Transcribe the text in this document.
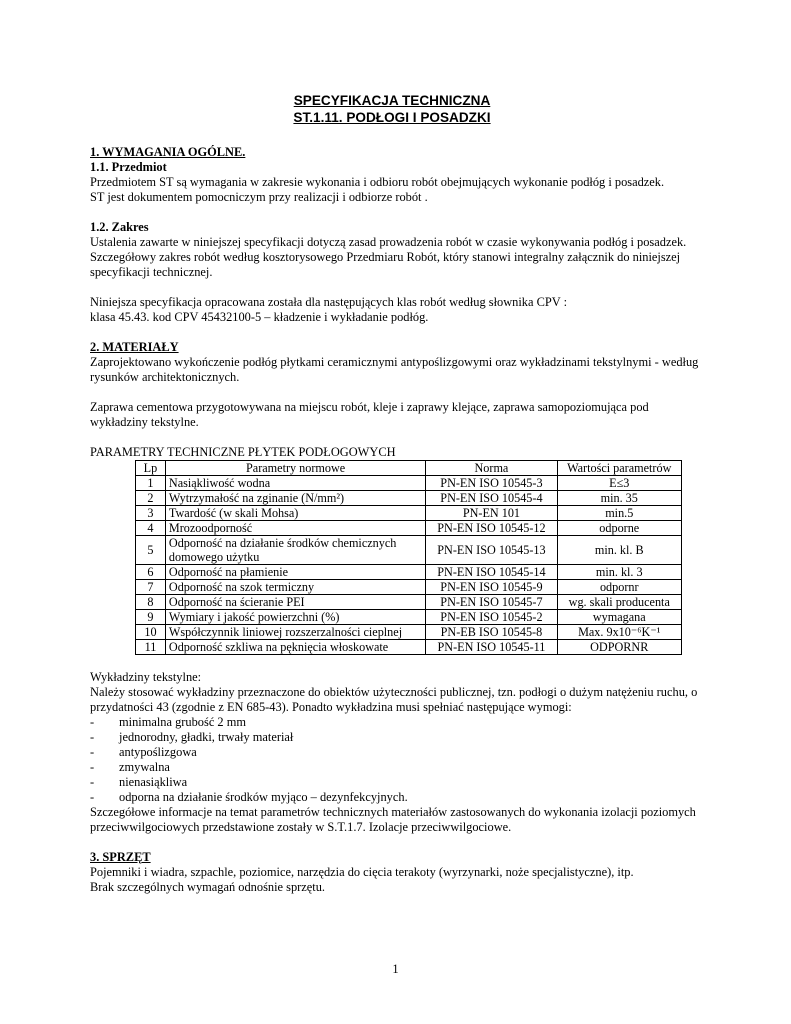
SPECYFIKACJA TECHNICZNA
ST.1.11. PODŁOGI I POSADZKI

1. WYMAGANIA OGÓLNE.

1.1. Przedmiot

Przedmiotem ST są wymagania w zakresie wykonania i odbioru robót obejmujących wykonanie podłóg i posadzek.

ST jest dokumentem pomocniczym przy realizacji i odbiorze robót .

1.2. Zakres

Ustalenia zawarte w niniejszej specyfikacji dotyczą zasad prowadzenia robót w czasie wykonywania podłóg i posadzek.

Szczegółowy zakres robót według kosztorysowego Przedmiaru Robót, który stanowi integralny załącznik do niniejszej specyfikacji technicznej.

Niniejsza specyfikacja opracowana została dla następujących klas robót według słownika CPV :

klasa 45.43. kod CPV 45432100-5 – kładzenie i wykładanie podłóg.

2. MATERIAŁY

Zaprojektowano wykończenie podłóg płytkami ceramicznymi antypoślizgowymi oraz wykładzinami tekstylnymi - według rysunków architektonicznych.

Zaprawa cementowa przygotowywana na miejscu robót, kleje i zaprawy klejące, zaprawa samopoziomująca pod wykładziny tekstylne.

PARAMETRY TECHNICZNE PŁYTEK PODŁOGOWYCH

Lp	Parametry normowe	Norma	Wartości parametrów
1	Nasiąkliwość wodna	PN-EN ISO 10545-3	E≤3
2	Wytrzymałość na zginanie (N/mm²)	PN-EN ISO 10545-4	min. 35
3	Twardość (w skali Mohsa)	PN-EN 101	min.5
4	Mrozoodporność	PN-EN ISO 10545-12	odporne
5	Odporność na działanie środków chemicznych domowego użytku	PN-EN ISO 10545-13	min. kl. B
6	Odporność na płamienie	PN-EN ISO 10545-14	min. kl. 3
7	Odporność na szok termiczny	PN-EN ISO 10545-9	odpornr
8	Odporność na ścieranie PEI	PN-EN ISO 10545-7	wg. skali producenta
9	Wymiary i jakość powierzchni (%)	PN-EN ISO 10545-2	wymagana
10	Współczynnik liniowej rozszerzalności cieplnej	PN-EB ISO 10545-8	Max. 9x10⁻⁶K⁻¹
11	Odporność szkliwa na pęknięcia włoskowate	PN-EN ISO 10545-11	ODPORNR

Wykładziny tekstylne:

Należy stosować wykładziny przeznaczone do obiektów użyteczności publicznej, tzn. podłogi o dużym natężeniu ruchu, o przydatności 43 (zgodnie z EN 685-43). Ponadto wykładzina musi spełniać następujące wymogi:

- minimalna grubość 2 mm
- jednorodny, gładki, trwały materiał
- antypoślizgowa
- zmywalna
- nienasiąkliwa
- odporna na działanie środków myjąco – dezynfekcyjnych.

Szczegółowe informacje na temat parametrów technicznych materiałów zastosowanych do wykonania izolacji poziomych przeciwwilgociowych przedstawione zostały w S.T.1.7. Izolacje przeciwwilgociowe.

3. SPRZĘT

Pojemniki i wiadra, szpachle, poziomice, narzędzia do cięcia terakoty (wyrzynarki, noże specjalistyczne), itp.

Brak szczególnych wymagań odnośnie sprzętu.

1
